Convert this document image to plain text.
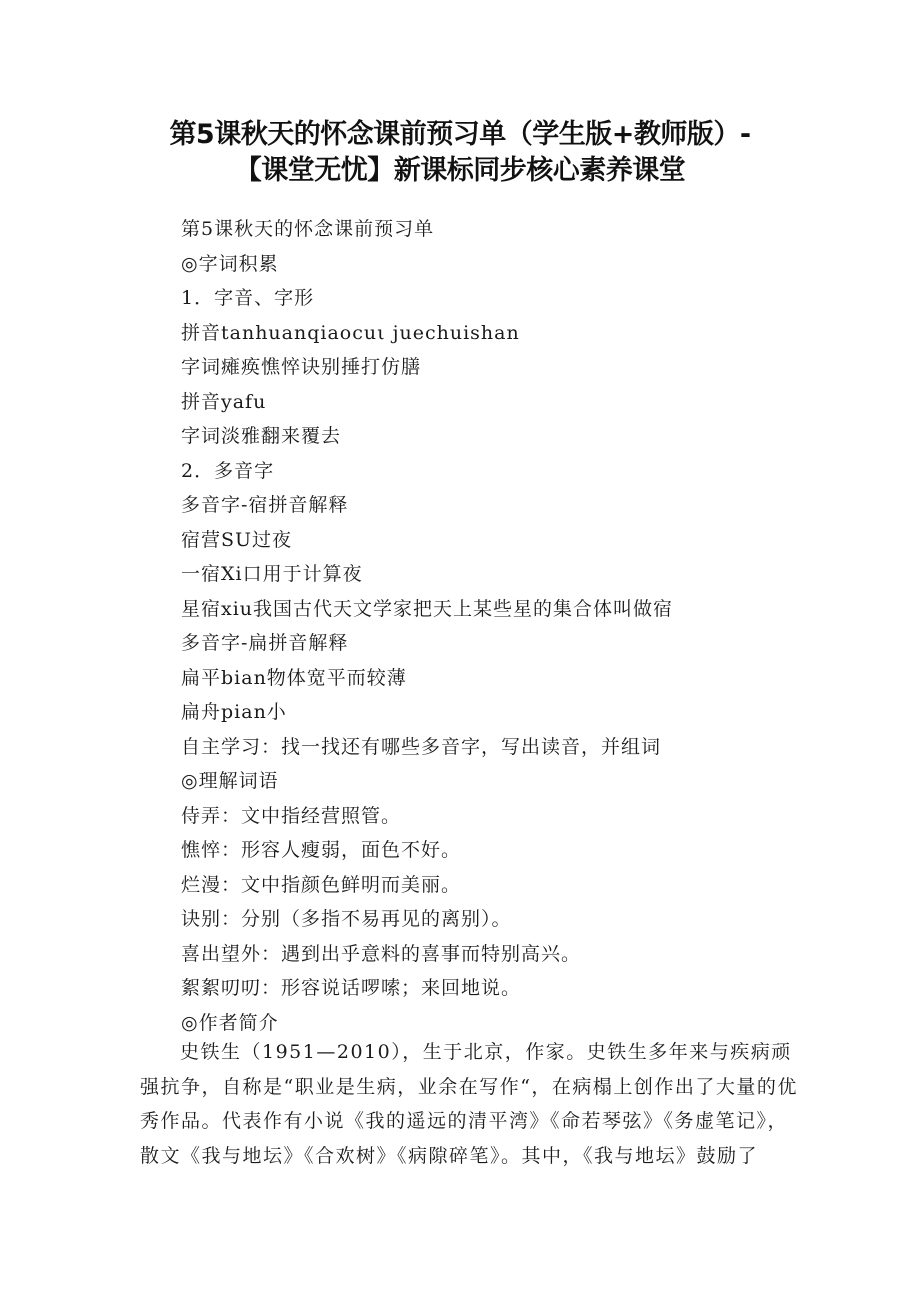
第5课秋天的怀念课前预习单（学生版+教师版）-
【课堂无忧】新课标同步核心素养课堂

第5课秋天的怀念课前预习单

◎字词积累

1．字音、字形

拼音tanhuanqiaocuι juechuishan

字词瘫痪憔悴诀别捶打仿膳

拼音yafu

字词淡雅翻来覆去

2．多音字

多音字-宿拼音解释

宿营SU过夜

一宿Xi口用于计算夜

星宿xiu我国古代天文学家把天上某些星的集合体叫做宿

多音字-扁拼音解释

扁平bian物体宽平而较薄

扁舟pian小

自主学习：找一找还有哪些多音字，写出读音，并组词

◎理解词语

侍弄：文中指经营照管。

憔悴：形容人瘦弱，面色不好。

烂漫：文中指颜色鲜明而美丽。

诀别：分别（多指不易再见的离别）。

喜出望外：遇到出乎意料的喜事而特别高兴。

絮絮叨叨：形容说话啰嗦；来回地说。

◎作者简介

史铁生（1951—2010），生于北京，作家。史铁生多年来与疾病顽强抗争，自称是“职业是生病，业余在写作“，在病榻上创作出了大量的优秀作品。代表作有小说《我的遥远的清平湾》《命若琴弦》《务虚笔记》，散文《我与地坛》《合欢树》《病隙碎笔》。其中，《我与地坛》鼓励了
